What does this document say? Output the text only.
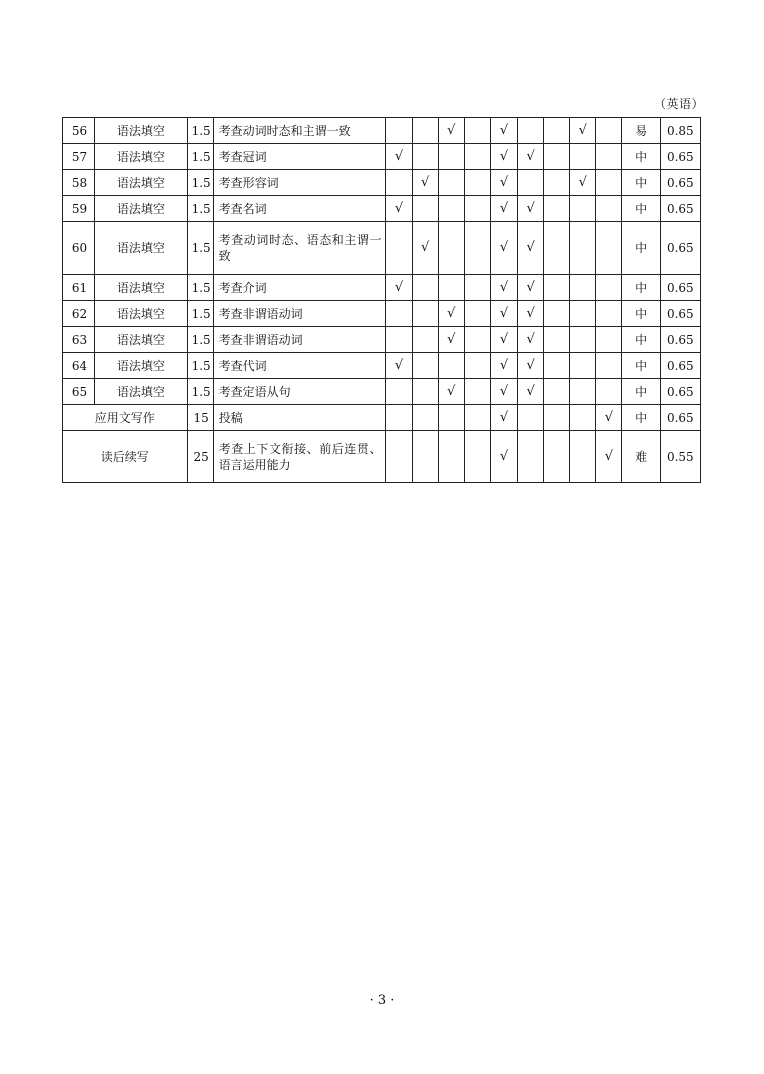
（英语）
56	语法填空	1.5	考查动词时态和主谓一致			√		√			√		易	0.85
57	语法填空	1.5	考查冠词	√				√	√				中	0.65
58	语法填空	1.5	考查形容词		√			√			√		中	0.65
59	语法填空	1.5	考查名词	√				√	√				中	0.65
60	语法填空	1.5	考查动词时态、语态和主谓一致		√			√	√				中	0.65
61	语法填空	1.5	考查介词	√				√	√				中	0.65
62	语法填空	1.5	考查非谓语动词			√		√	√				中	0.65
63	语法填空	1.5	考查非谓语动词			√		√	√				中	0.65
64	语法填空	1.5	考查代词	√				√	√				中	0.65
65	语法填空	1.5	考查定语从句			√		√	√				中	0.65
应用文写作		15	投稿					√				√	中	0.65
读后续写		25	考查上下文衔接、前后连贯、语言运用能力					√				√	难	0.55
· 3 ·
